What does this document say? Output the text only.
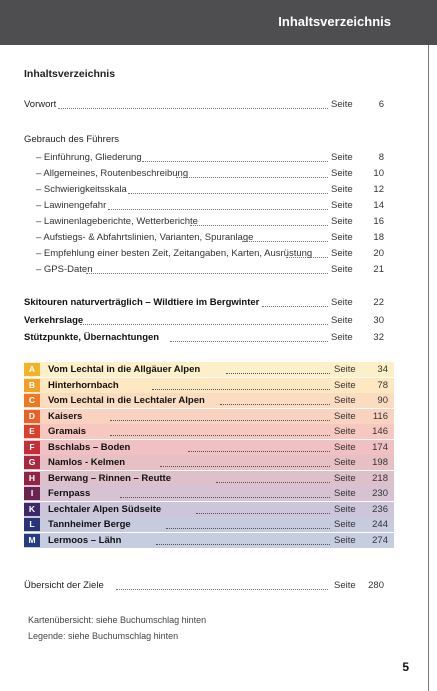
Inhaltsverzeichnis
Inhaltsverzeichnis
Vorwort	Seite	6
Gebrauch des Führers
– Einführung, Gliederung	Seite	8
– Allgemeines, Routenbeschreibung	Seite 10
– Schwierigkeitsskala	Seite 12
– Lawinengefahr	Seite 14
– Lawinenlageberichte, Wetterberichte	Seite 16
– Aufstiegs- & Abfahrtslinien, Varianten, Spuranlage	Seite 18
– Empfehlung einer besten Zeit, Zeitangaben, Karten, Ausrüstung Seite 20
– GPS-Daten	Seite 21
Skitouren naturverträglich – Wildtiere im Bergwinter	Seite 22
Verkehrslage	Seite 30
Stützpunkte, Übernachtungen	Seite 32
A	Vom Lechtal in die Allgäuer Alpen	Seite 34
B	Hinterhornbach	Seite 78
C	Vom Lechtal in die Lechtaler Alpen	Seite 90
D	Kaisers	Seite 116
E	Gramais	Seite 146
F	Bschlabs – Boden	Seite 174
G	Namlos - Kelmen	Seite 198
H	Berwang – Rinnen – Reutte	Seite 218
I	Fernpass	Seite 230
K	Lechtaler Alpen Südseite	Seite 236
L	Tannheimer Berge	Seite 244
M	Lermoos – Lähn	Seite 274
Übersicht der Ziele	Seite 280
Kartenübersicht: siehe Buchumschlag hinten
Legende: siehe Buchumschlag hinten
5
